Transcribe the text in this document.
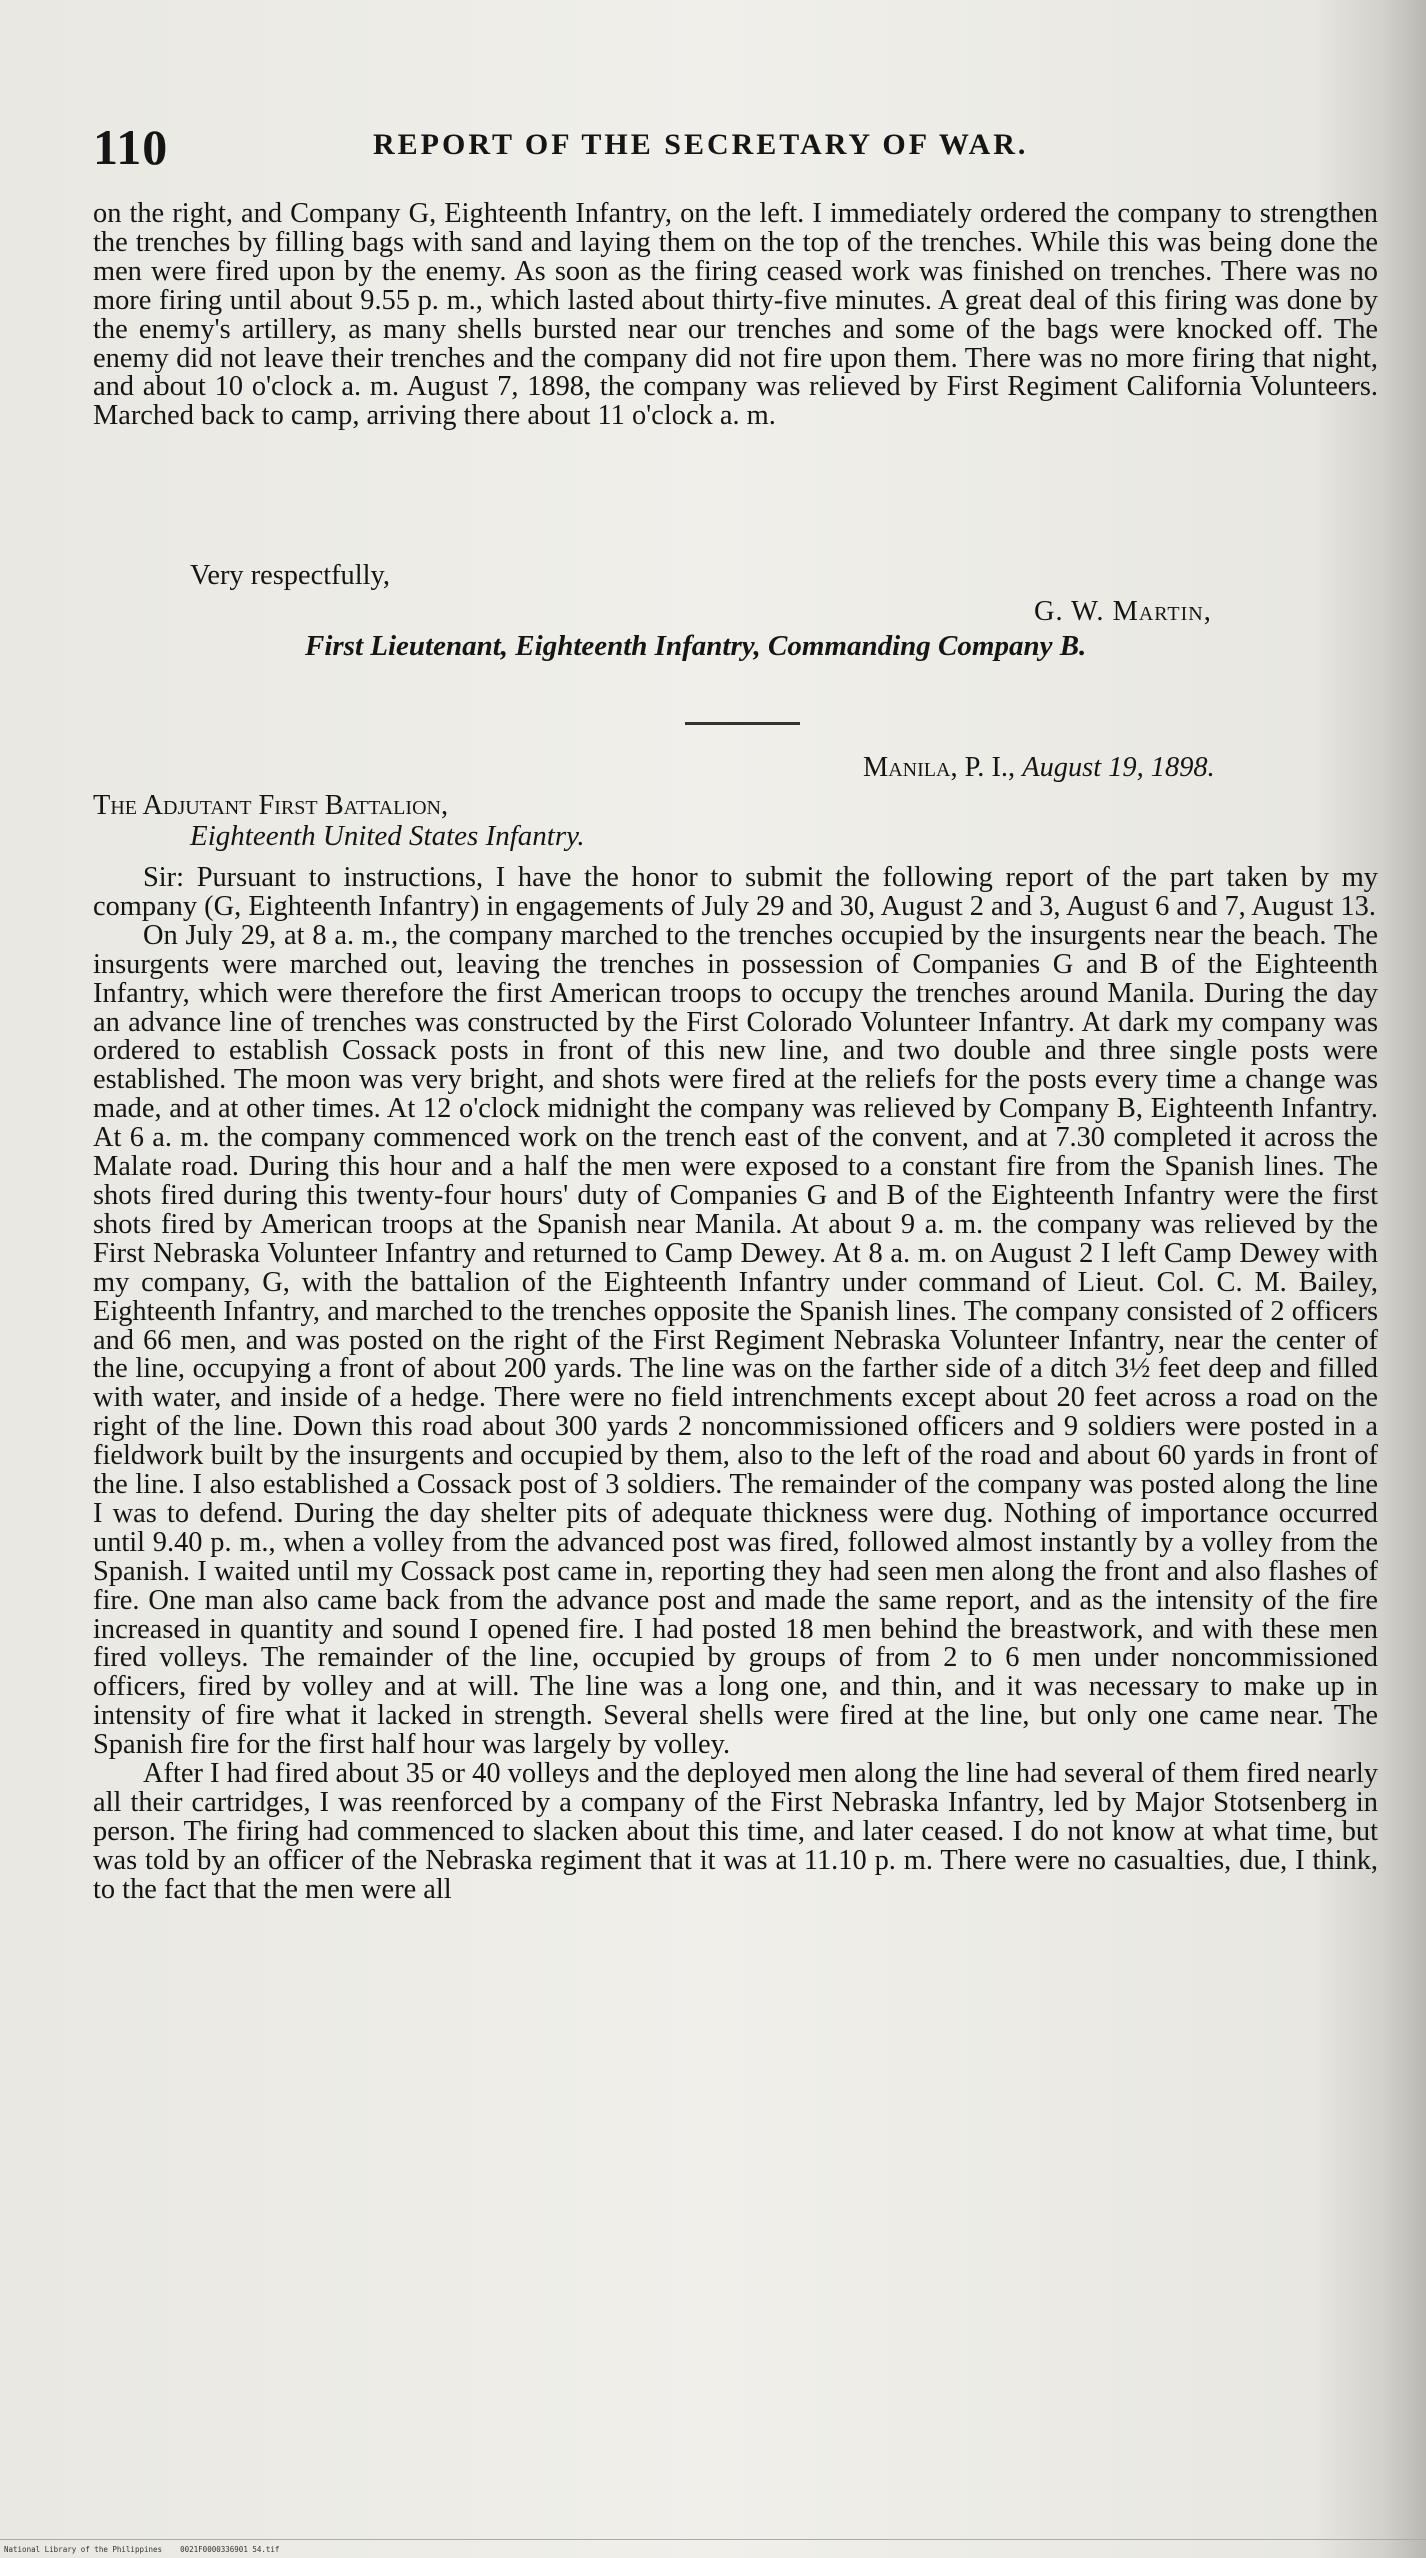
110	REPORT OF THE SECRETARY OF WAR.

on the right, and Company G, Eighteenth Infantry, on the left. I immediately ordered the company to strengthen the trenches by filling bags with sand and laying them on the top of the trenches. While this was being done the men were fired upon by the enemy. As soon as the firing ceased work was finished on trenches. There was no more firing until about 9.55 p. m., which lasted about thirty-five minutes. A great deal of this firing was done by the enemy's artillery, as many shells bursted near our trenches and some of the bags were knocked off. The enemy did not leave their trenches and the company did not fire upon them. There was no more firing that night, and about 10 o'clock a. m. August 7, 1898, the company was relieved by First Regiment California Volunteers. Marched back to camp, arriving there about 11 o'clock a. m.

Very respectfully,
G. W. Martin,
First Lieutenant, Eighteenth Infantry, Commanding Company B.
Manila, P. I., August 19, 1898.
The Adjutant First Battalion,
Eighteenth United States Infantry.

Sir: Pursuant to instructions, I have the honor to submit the following report of the part taken by my company (G, Eighteenth Infantry) in engagements of July 29 and 30, August 2 and 3, August 6 and 7, August 13.

On July 29, at 8 a. m., the company marched to the trenches occupied by the insurgents near the beach. The insurgents were marched out, leaving the trenches in possession of Companies G and B of the Eighteenth Infantry, which were therefore the first American troops to occupy the trenches around Manila. During the day an advance line of trenches was constructed by the First Colorado Volunteer Infantry. At dark my company was ordered to establish Cossack posts in front of this new line, and two double and three single posts were established. The moon was very bright, and shots were fired at the reliefs for the posts every time a change was made, and at other times. At 12 o'clock midnight the company was relieved by Company B, Eighteenth Infantry. At 6 a. m. the company commenced work on the trench east of the convent, and at 7.30 completed it across the Malate road. During this hour and a half the men were exposed to a constant fire from the Spanish lines. The shots fired during this twenty-four hours' duty of Companies G and B of the Eighteenth Infantry were the first shots fired by American troops at the Spanish near Manila. At about 9 a. m. the company was relieved by the First Nebraska Volunteer Infantry and returned to Camp Dewey. At 8 a. m. on August 2 I left Camp Dewey with my company, G, with the battalion of the Eighteenth Infantry under command of Lieut. Col. C. M. Bailey, Eighteenth Infantry, and marched to the trenches opposite the Spanish lines. The company consisted of 2 officers and 66 men, and was posted on the right of the First Regiment Nebraska Volunteer Infantry, near the center of the line, occupying a front of about 200 yards. The line was on the farther side of a ditch 3½ feet deep and filled with water, and inside of a hedge. There were no field intrenchments except about 20 feet across a road on the right of the line. Down this road about 300 yards 2 noncommissioned officers and 9 soldiers were posted in a fieldwork built by the insurgents and occupied by them, also to the left of the road and about 60 yards in front of the line. I also established a Cossack post of 3 soldiers. The remainder of the company was posted along the line I was to defend. During the day shelter pits of adequate thickness were dug. Nothing of importance occurred until 9.40 p. m., when a volley from the advanced post was fired, followed almost instantly by a volley from the Spanish. I waited until my Cossack post came in, reporting they had seen men along the front and also flashes of fire. One man also came back from the advance post and made the same report, and as the intensity of the fire increased in quantity and sound I opened fire. I had posted 18 men behind the breastwork, and with these men fired volleys. The remainder of the line, occupied by groups of from 2 to 6 men under noncommissioned officers, fired by volley and at will. The line was a long one, and thin, and it was necessary to make up in intensity of fire what it lacked in strength. Several shells were fired at the line, but only one came near. The Spanish fire for the first half hour was largely by volley.

After I had fired about 35 or 40 volleys and the deployed men along the line had several of them fired nearly all their cartridges, I was reenforced by a company of the First Nebraska Infantry, led by Major Stotsenberg in person. The firing had commenced to slacken about this time, and later ceased. I do not know at what time, but was told by an officer of the Nebraska regiment that it was at 11.10 p. m. There were no casualties, due, I think, to the fact that the men were all

National Library of the Philippines    0021F0000336901 54.tif
